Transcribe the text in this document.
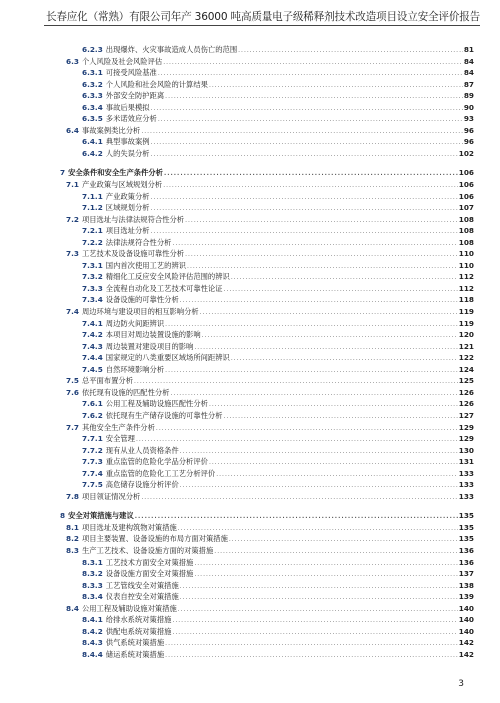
长春应化（常熟）有限公司年产 36000 吨高质量电子级稀释剂技术改造项目设立安全评价报告
6.2.3 出现爆炸、火灾事故造成人员伤亡的范围 .....	81
6.3 个人风险及社会风险评估 .....	84
6.3.1 可接受风险基准 .....	84
6.3.2 个人风险和社会风险的计算结果 .....	87
6.3.3 外部安全防护距离 .....	89
6.3.4 事故后果模拟 .....	90
6.3.5 多米诺效应分析 .....	93
6.4 事故案例类比分析 .....	96
6.4.1 典型事故案例 .....	96
6.4.2 人的失误分析 .....	102
7 安全条件和安全生产条件分析 .....	106
7.1 产业政策与区域规划分析 .....	106
7.1.1 产业政策分析 .....	106
7.1.2 区域规划分析 .....	107
7.2 项目选址与法律法规符合性分析 .....	108
7.2.1 项目选址分析 .....	108
7.2.2 法律法规符合性分析 .....	108
7.3 工艺技术及设备设施可靠性分析 .....	110
7.3.1 国内首次使用工艺的辨识 .....	110
7.3.2 精细化工反应安全风险评估范围的辨识 .....	112
7.3.3 全流程自动化及工艺技术可靠性论证 .....	112
7.3.4 设备设施的可靠性分析 .....	118
7.4 周边环境与建设项目的相互影响分析 .....	119
7.4.1 周边防火间距辨识 .....	119
7.4.2 本项目对周边装置设施的影响 .....	120
7.4.3 周边装置对建设项目的影响 .....	121
7.4.4 国家规定的八类重要区域场所间距辨识 .....	122
7.4.5 自然环境影响分析 .....	124
7.5 总平面布置分析 .....	125
7.6 依托现有设施的匹配性分析 .....	126
7.6.1 公用工程及辅助设施匹配性分析 .....	126
7.6.2 依托现有生产储存设施的可靠性分析 .....	127
7.7 其他安全生产条件分析 .....	129
7.7.1 安全管理 .....	129
7.7.2 现有从业人员资格条件 .....	130
7.7.3 重点监管的危险化学品分析评价 .....	131
7.7.4 重点监管的危险化工工艺分析评价 .....	133
7.7.5 高危储存设施分析评价 .....	133
7.8 项目领证情况分析 .....	133
8 安全对策措施与建议 .....	135
8.1 项目选址及建构筑物对策措施 .....	135
8.2 项目主要装置、设备设施的布局方面对策措施 .....	135
8.3 生产工艺技术、设备设施方面的对策措施 .....	136
8.3.1 工艺技术方面安全对策措施 .....	136
8.3.2 设备设施方面安全对策措施 .....	137
8.3.3 工艺管线安全对策措施 .....	138
8.3.4 仪表自控安全对策措施 .....	139
8.4 公用工程及辅助设施对策措施 .....	140
8.4.1 给排水系统对策措施 .....	140
8.4.2 供配电系统对策措施 .....	140
8.4.3 供气系统对策措施 .....	142
8.4.4 储运系统对策措施 .....	142
3
